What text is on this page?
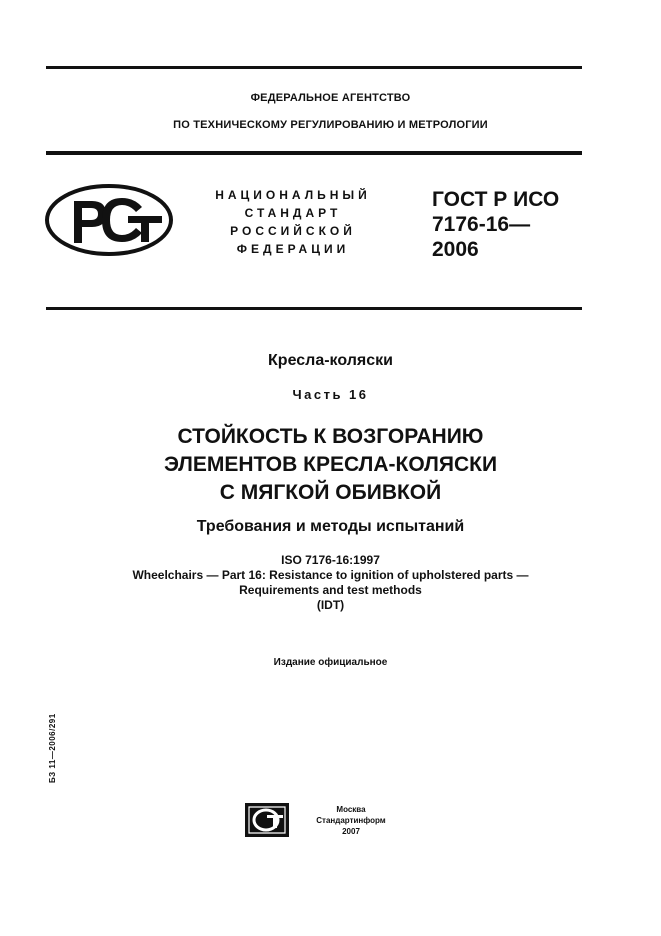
ФЕДЕРАЛЬНОЕ АГЕНТСТВО
ПО ТЕХНИЧЕСКОМУ РЕГУЛИРОВАНИЮ И МЕТРОЛОГИИ
НАЦИОНАЛЬНЫЙ
СТАНДАРТ
РОССИЙСКОЙ
ФЕДЕРАЦИИ
ГОСТ Р ИСО
7176-16—
2006
Кресла-коляски
Часть 16
СТОЙКОСТЬ К ВОЗГОРАНИЮ
ЭЛЕМЕНТОВ КРЕСЛА-КОЛЯСКИ
С МЯГКОЙ ОБИВКОЙ
Требования и методы испытаний
ISO 7176-16:1997
Wheelchairs — Part 16: Resistance to ignition of upholstered parts —
Requirements and test methods
(IDT)
Издание официальное
БЗ 11—2006/291
Москва
Стандартинформ
2007
